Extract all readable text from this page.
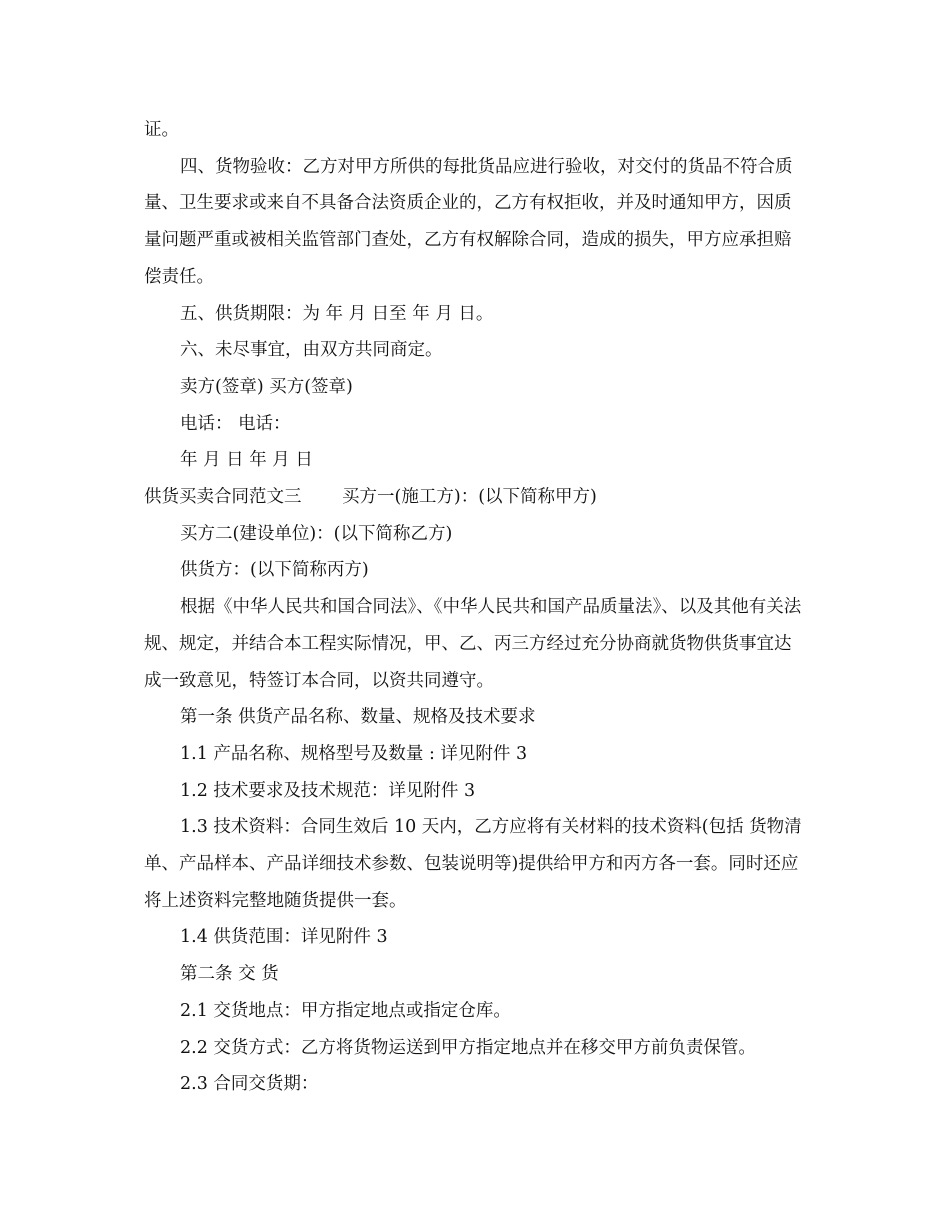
证。

四、货物验收：乙方对甲方所供的每批货品应进行验收，对交付的货品不符合质量、卫生要求或来自不具备合法资质企业的，乙方有权拒收，并及时通知甲方，因质量问题严重或被相关监管部门查处，乙方有权解除合同，造成的损失，甲方应承担赔偿责任。

五、供货期限：为 年 月 日至 年 月 日。

六、未尽事宜，由双方共同商定。

卖方(签章) 买方(签章)

电话： 电话：

年 月 日 年 月 日

供货买卖合同范文三　　 买方一(施工方)：(以下简称甲方)

买方二(建设单位)：(以下简称乙方)

供货方：(以下简称丙方)

根据《中华人民共和国合同法》、《中华人民共和国产品质量法》、以及其他有关法规、规定，并结合本工程实际情况，甲、乙、丙三方经过充分协商就货物供货事宜达成一致意见，特签订本合同，以资共同遵守。

第一条 供货产品名称、数量、规格及技术要求

1.1 产品名称、规格型号及数量 : 详见附件 3

1.2 技术要求及技术规范：详见附件 3

1.3 技术资料：合同生效后 10 天内，乙方应将有关材料的技术资料(包括 货物清单、产品样本、产品详细技术参数、包装说明等)提供给甲方和丙方各一套。同时还应将上述资料完整地随货提供一套。

1.4 供货范围：详见附件 3

第二条 交 货

2.1 交货地点：甲方指定地点或指定仓库。

2.2 交货方式：乙方将货物运送到甲方指定地点并在移交甲方前负责保管。

2.3 合同交货期：
